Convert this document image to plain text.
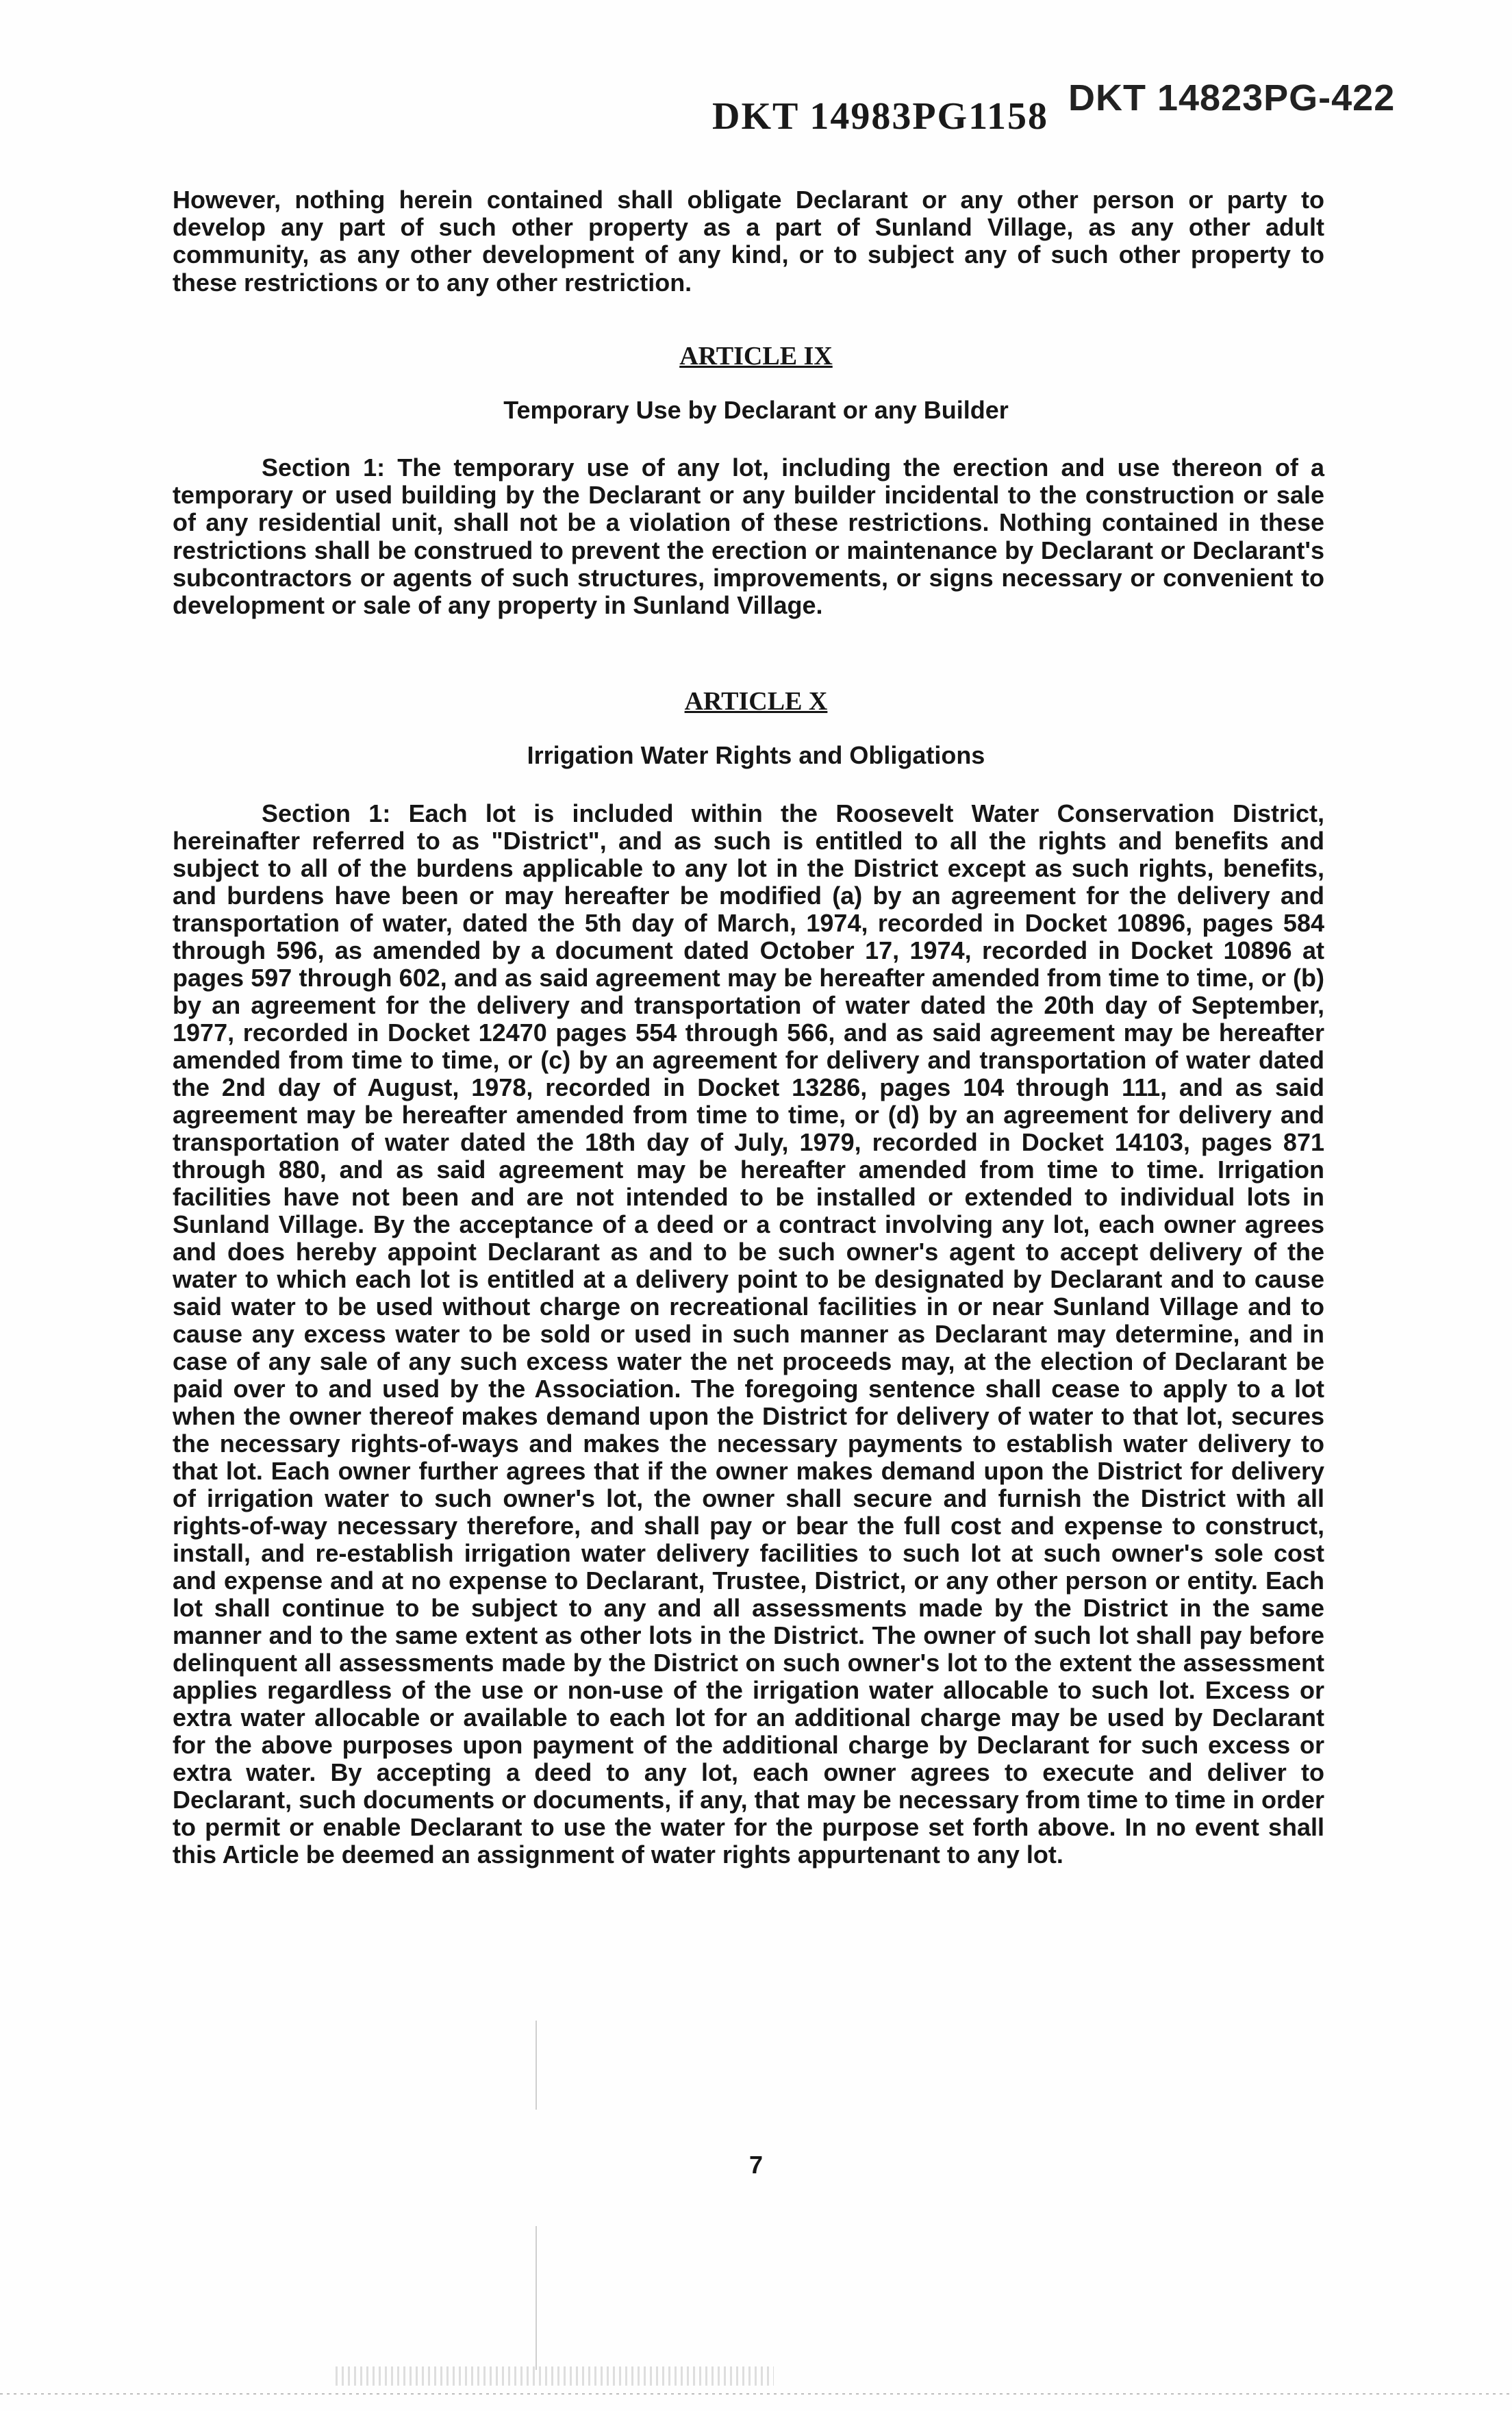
DKT 14983PG1158 DKT 14823PG-422

However, nothing herein contained shall obligate Declarant or any other person or party to develop any part of such other property as a part of Sunland Village, as any other adult community, as any other development of any kind, or to subject any of such other property to these restrictions or to any other restriction.

ARTICLE IX
Temporary Use by Declarant or any Builder

Section 1: The temporary use of any lot, including the erection and use thereon of a temporary or used building by the Declarant or any builder incidental to the construction or sale of any residential unit, shall not be a violation of these restrictions. Nothing contained in these restrictions shall be construed to prevent the erection or maintenance by Declarant or Declarant's subcontractors or agents of such structures, improvements, or signs necessary or convenient to development or sale of any property in Sunland Village.

ARTICLE X
Irrigation Water Rights and Obligations

Section 1: Each lot is included within the Roosevelt Water Conservation District, hereinafter referred to as "District", and as such is entitled to all the rights and benefits and subject to all of the burdens applicable to any lot in the District except as such rights, benefits, and burdens have been or may hereafter be modified (a) by an agreement for the delivery and transportation of water, dated the 5th day of March, 1974, recorded in Docket 10896, pages 584 through 596, as amended by a document dated October 17, 1974, recorded in Docket 10896 at pages 597 through 602, and as said agreement may be hereafter amended from time to time, or (b) by an agreement for the delivery and transportation of water dated the 20th day of September, 1977, recorded in Docket 12470 pages 554 through 566, and as said agreement may be hereafter amended from time to time, or (c) by an agreement for delivery and transportation of water dated the 2nd day of August, 1978, recorded in Docket 13286, pages 104 through 111, and as said agreement may be hereafter amended from time to time, or (d) by an agreement for delivery and transportation of water dated the 18th day of July, 1979, recorded in Docket 14103, pages 871 through 880, and as said agreement may be hereafter amended from time to time. Irrigation facilities have not been and are not intended to be installed or extended to individual lots in Sunland Village. By the acceptance of a deed or a contract involving any lot, each owner agrees and does hereby appoint Declarant as and to be such owner's agent to accept delivery of the water to which each lot is entitled at a delivery point to be designated by Declarant and to cause said water to be used without charge on recreational facilities in or near Sunland Village and to cause any excess water to be sold or used in such manner as Declarant may determine, and in case of any sale of any such excess water the net proceeds may, at the election of Declarant be paid over to and used by the Association. The foregoing sentence shall cease to apply to a lot when the owner thereof makes demand upon the District for delivery of water to that lot, secures the necessary rights-of-ways and makes the necessary payments to establish water delivery to that lot. Each owner further agrees that if the owner makes demand upon the District for delivery of irrigation water to such owner's lot, the owner shall secure and furnish the District with all rights-of-way necessary therefore, and shall pay or bear the full cost and expense to construct, install, and re-establish irrigation water delivery facilities to such lot at such owner's sole cost and expense and at no expense to Declarant, Trustee, District, or any other person or entity. Each lot shall continue to be subject to any and all assessments made by the District in the same manner and to the same extent as other lots in the District. The owner of such lot shall pay before delinquent all assessments made by the District on such owner's lot to the extent the assessment applies regardless of the use or non-use of the irrigation water allocable to such lot. Excess or extra water allocable or available to each lot for an additional charge may be used by Declarant for the above purposes upon payment of the additional charge by Declarant for such excess or extra water. By accepting a deed to any lot, each owner agrees to execute and deliver to Declarant, such documents or documents, if any, that may be necessary from time to time in order to permit or enable Declarant to use the water for the purpose set forth above. In no event shall this Article be deemed an assignment of water rights appurtenant to any lot.

7
